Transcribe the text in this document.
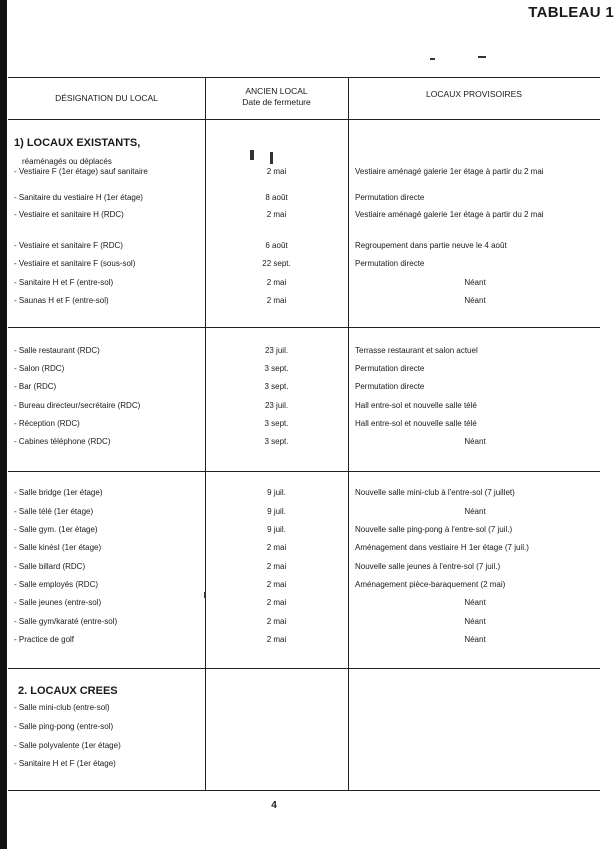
TABLEAU 1
DÉSIGNATION DU LOCAL
ANCIEN LOCAL
Date de fermeture
LOCAUX PROVISOIRES
1) LOCAUX EXISTANTS,
réaménagés ou déplacés
- Vestiaire F (1er étage) sauf sanitaire	2 mai	Vestiaire aménagé galerie 1er étage à partir du 2 mai
- Sanitaire du vestiaire H (1er étage)	8 août	Permutation directe
- Vestiaire et sanitaire H (RDC)	2 mai	Vestiaire aménagé galerie 1er étage à partir du 2 mai
- Vestiaire et sanitaire F (RDC)	6 août	Regroupement dans partie neuve le 4 août
- Vestiaire et sanitaire F (sous-sol)	22 sept.	Permutation directe
- Sanitaire H et F (entre-sol)	2 mai	Néant
- Saunas H et F (entre-sol)	2 mai	Néant
- Salle restaurant (RDC)	23 juil.	Terrasse restaurant et salon actuel
- Salon (RDC)	3 sept.	Permutation directe
- Bar (RDC)	3 sept.	Permutation directe
- Bureau directeur/secrétaire (RDC)	23 juil.	Hall entre-sol et nouvelle salle télé
- Réception (RDC)	3 sept.	Hall entre-sol et nouvelle salle télé
- Cabines téléphone (RDC)	3 sept.	Néant
- Salle bridge (1er étage)	9 juil.	Nouvelle salle mini-club à l'entre-sol (7 juillet)
- Salle télé (1er étage)	9 juil.	Néant
- Salle gym. (1er étage)	9 juil.	Nouvelle salle ping-pong à l'entre-sol (7 juil.)
- Salle kinésI (1er étage)	2 mai	Aménagement dans vestiaire H 1er étage (7 juil.)
- Salle billard (RDC)	2 mai	Nouvelle salle jeunes à l'entre-sol (7 juil.)
- Salle employés (RDC)	2 mai	Aménagement pièce-baraquement (2 mai)
- Salle jeunes (entre-sol)	2 mai	Néant
- Salle gym/karaté (entre-sol)	2 mai	Néant
- Practice de golf	2 mai	Néant
2. LOCAUX CREES
- Salle mini-club (entre-sol)
- Salle ping-pong (entre-sol)
- Salle polyvalente (1er étage)
- Sanitaire H et F (1er étage)
4
